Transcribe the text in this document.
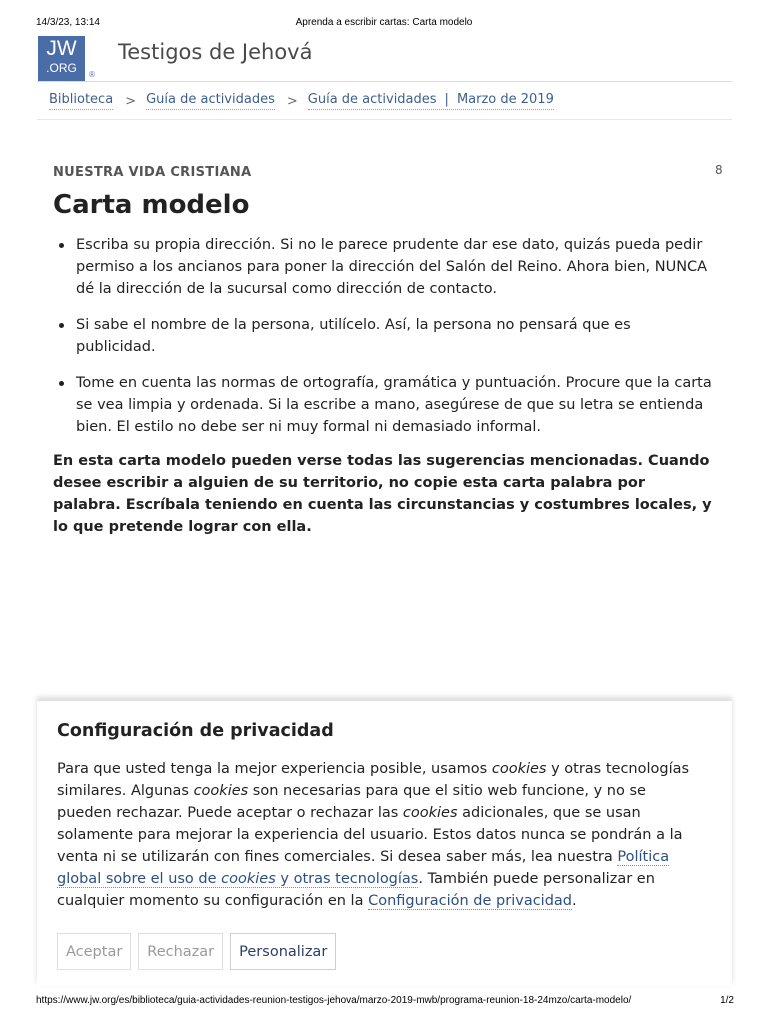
14/3/23, 13:14	Aprenda a escribir cartas: Carta modelo
JW
.ORG	®
Testigos de Jehová
Biblioteca > Guía de actividades > Guía de actividades | Marzo de 2019
8
NUESTRA VIDA CRISTIANA
Carta modelo
Escriba su propia dirección. Si no le parece prudente dar ese dato, quizás pueda pedir permiso a los ancianos para poner la dirección del Salón del Reino. Ahora bien, NUNCA dé la dirección de la sucursal como dirección de contacto.
Si sabe el nombre de la persona, utilícelo. Así, la persona no pensará que es publicidad.
Tome en cuenta las normas de ortografía, gramática y puntuación. Procure que la carta se vea limpia y ordenada. Si la escribe a mano, asegúrese de que su letra se entienda bien. El estilo no debe ser ni muy formal ni demasiado informal.

En esta carta modelo pueden verse todas las sugerencias mencionadas. Cuando desee escribir a alguien de su territorio, no copie esta carta palabra por palabra. Escríbala teniendo en cuenta las circunstancias y costumbres locales, y lo que pretende lograr con ella.

Configuración de privacidad

Para que usted tenga la mejor experiencia posible, usamos cookies y otras tecnologías similares. Algunas cookies son necesarias para que el sitio web funcione, y no se pueden rechazar. Puede aceptar o rechazar las cookies adicionales, que se usan solamente para mejorar la experiencia del usuario. Estos datos nunca se pondrán a la venta ni se utilizarán con fines comerciales. Si desea saber más, lea nuestra Política global sobre el uso de cookies y otras tecnologías. También puede personalizar en cualquier momento su configuración en la Configuración de privacidad.

Aceptar	Rechazar	Personalizar
https://www.jw.org/es/biblioteca/guia-actividades-reunion-testigos-jehova/marzo-2019-mwb/programa-reunion-18-24mzo/carta-modelo/	1/2
